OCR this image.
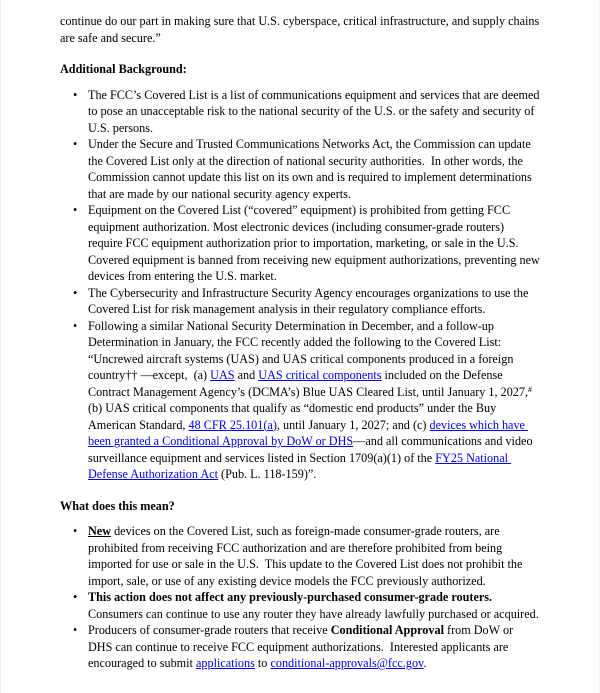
continue do our part in making sure that U.S. cyberspace, critical infrastructure, and supply chains are safe and secure.”

Additional Background:
• The FCC’s Covered List is a list of communications equipment and services that are deemed to pose an unacceptable risk to the national security of the U.S. or the safety and security of U.S. persons.
• Under the Secure and Trusted Communications Networks Act, the Commission can update the Covered List only at the direction of national security authorities.  In other words, the Commission cannot update this list on its own and is required to implement determinations that are made by our national security agency experts.
• Equipment on the Covered List (“covered” equipment) is prohibited from getting FCC equipment authorization. Most electronic devices (including consumer-grade routers) require FCC equipment authorization prior to importation, marketing, or sale in the U.S. Covered equipment is banned from receiving new equipment authorizations, preventing new devices from entering the U.S. market.
• The Cybersecurity and Infrastructure Security Agency encourages organizations to use the Covered List for risk management analysis in their regulatory compliance efforts.
• Following a similar National Security Determination in December, and a follow-up Determination in January, the FCC recently added the following to the Covered List: “Uncrewed aircraft systems (UAS) and UAS critical components produced in a foreign country†† —except,  (a) UAS and UAS critical components included on the Defense Contract Management Agency’s (DCMA’s) Blue UAS Cleared List, until January 1, 2027,#  (b) UAS critical components that qualify as “domestic end products” under the Buy American Standard, 48 CFR 25.101(a), until January 1, 2027; and (c) devices which have been granted a Conditional Approval by DoW or DHS—and all communications and video surveillance equipment and services listed in Section 1709(a)(1) of the FY25 National Defense Authorization Act (Pub. L. 118-159)”.
What does this mean?
• New devices on the Covered List, such as foreign-made consumer-grade routers, are prohibited from receiving FCC authorization and are therefore prohibited from being imported for use or sale in the U.S.  This update to the Covered List does not prohibit the import, sale, or use of any existing device models the FCC previously authorized.
• This action does not affect any previously-purchased consumer-grade routers. Consumers can continue to use any router they have already lawfully purchased or acquired.
• Producers of consumer-grade routers that receive Conditional Approval from DoW or DHS can continue to receive FCC equipment authorizations.  Interested applicants are encouraged to submit applications to conditional-approvals@fcc.gov.
